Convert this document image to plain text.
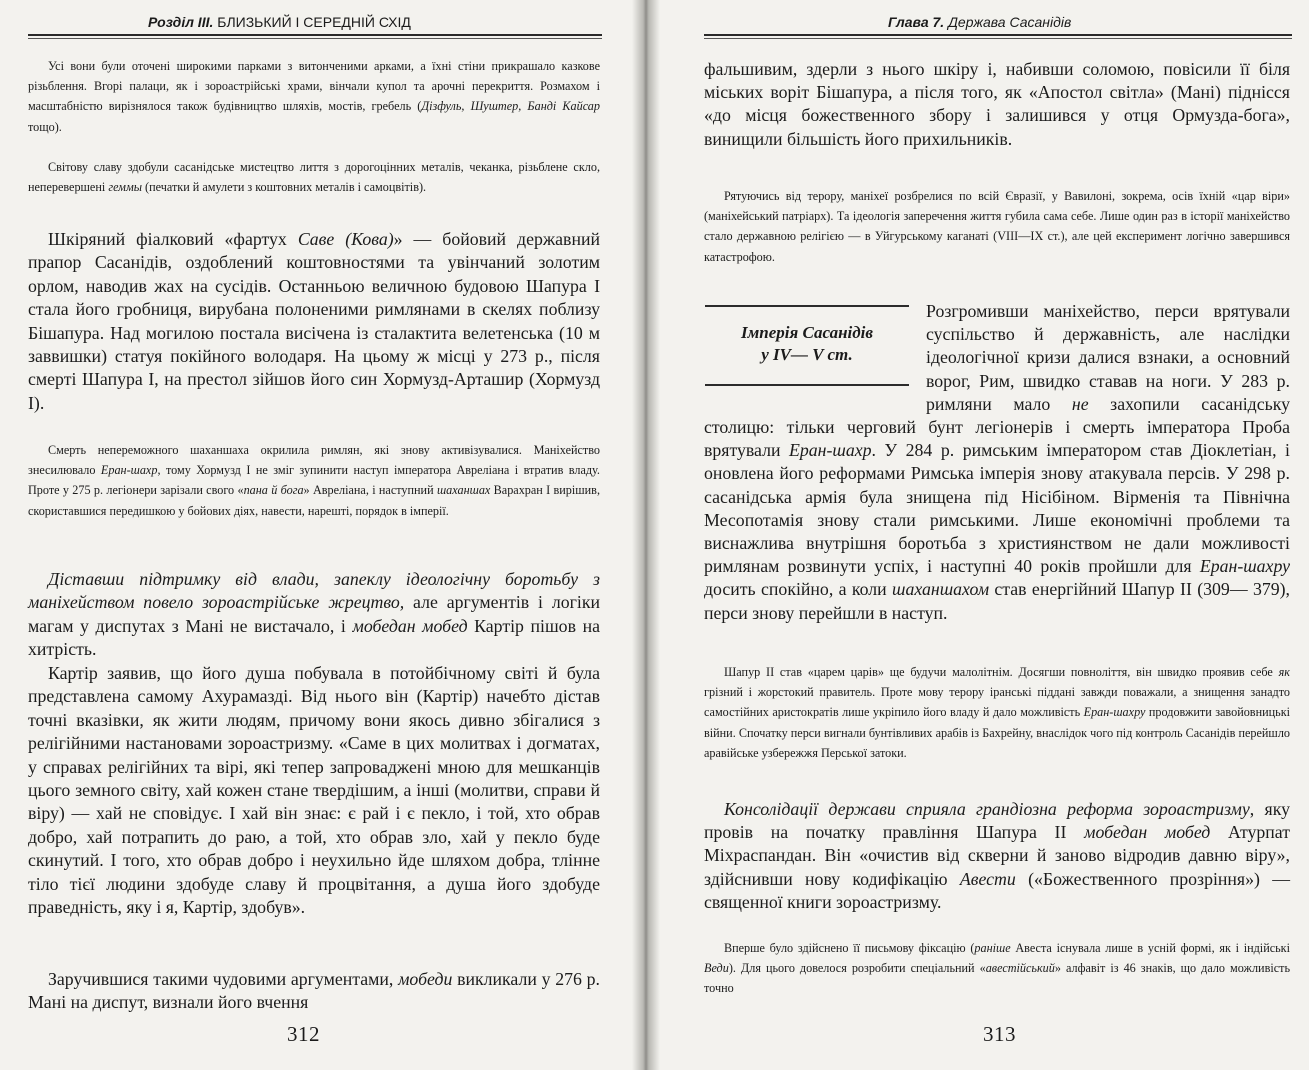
Розділ ІІІ. БЛИЗЬКИЙ І СЕРЕДНІЙ СХІД
Усі вони були оточені широкими парками з витонченими арками, а їхні стіни прикрашало казкове різьблення. Вгорі палаци, як і зороастрійські храми, вінчали купол та арочні перекриття. Розмахом і масштабністю вирізнялося також будівництво шляхів, мостів, гребель (Дізфуль, Шуштер, Банді Кайсар тощо).
Світову славу здобули сасанідське мистецтво лиття з дорогоцінних металів, чеканка, різьблене скло, неперевершені геммы (печатки й амулети з коштовних металів і самоцвітів).
Шкіряний фіалковий «фартух Саве (Кова)» — бойовий державний прапор Сасанідів, оздоблений коштовностями та увінчаний золотим орлом, наводив жах на сусідів. Останньою величною будовою Шапура І стала його гробниця, вирубана полоненими римлянами в скелях поблизу Бішапура. Над могилою постала висічена із сталактита велетенська (10 м заввишки) статуя покійного володаря. На цьому ж місці у 273 р., після смерті Шапура І, на престол зійшов його син Хормузд-Арташир (Хормузд І).
Смерть непереможного шаханшаха окрилила римлян, які знову активізувалися. Маніхейство знесилювало Еран-шахр, тому Хормузд І не зміг зупинити наступ імператора Авреліана і втратив владу. Проте у 275 р. легіонери зарізали свого «пана й бога» Авреліана, і наступний шаханшах Варахран І вирішив, скориставшися передишкою у бойових діях, навести, нарешті, порядок в імперії.
Діставши підтримку від влади, запеклу ідеологічну боротьбу з маніхейством повело зороастрійське жрецтво, але аргументів і логіки магам у диспутах з Мані не вистачало, і мобедан мобед Картір пішов на хитрість.
Картір заявив, що його душа побувала в потойбічному світі й була представлена самому Ахурамазді. Від нього він (Картір) начебто дістав точні вказівки, як жити людям, причому вони якось дивно збігалися з релігійними настановами зороастризму. «Саме в цих молитвах і догматах, у справах релігійних та вірі, які тепер запроваджені мною для мешканців цього земного світу, хай кожен стане твердішим, а інші (молитви, справи й віру) — хай не сповідує. І хай він знає: є рай і є пекло, і той, хто обрав добро, хай потрапить до раю, а той, хто обрав зло, хай у пекло буде скинутий. І того, хто обрав добро і неухильно йде шляхом добра, тлінне тіло тієї людини здобуде славу й процвітання, а душа його здобуде праведність, яку і я, Картір, здобув».
Заручившися такими чудовими аргументами, мобеди викликали у 276 р. Мані на диспут, визнали його вчення
312
Глава 7. Держава Сасанідів
фальшивим, здерли з нього шкіру і, набивши соломою, повісили її біля міських воріт Бішапура, а після того, як «Апостол світла» (Мані) піднісся «до місця божественного збору і залишився у отця Ормузда-бога», винищили більшість його прихильників.
Рятуючись від терору, маніхеї розбрелися по всій Євразії, у Вавилоні, зокрема, осів їхній «цар віри» (маніхейський патріарх). Та ідеологія заперечення життя губила сама себе. Лише один раз в історії маніхейство стало державною релігією — в Уйгурському каганаті (VIII—IX ст.), але цей експеримент логічно завершився катастрофою.
Імперія Сасанідів
у IV— V ст.
Розгромивши маніхейство, перси врятували суспільство й державність, але наслідки ідеологічної кризи далися взнаки, а основний ворог, Рим, швидко ставав на ноги. У 283 р. римляни мало не захопили сасанідську столицю: тільки черговий бунт легіонерів і смерть імператора Проба врятували Еран-шахр. У 284 р. римським імператором став Діоклетіан, і оновлена його реформами Римська імперія знову атакувала персів. У 298 р. сасанідська армія була знищена під Нісібіном. Вірменія та Північна Месопотамія знову стали римськими. Лише економічні проблеми та виснажлива внутрішня боротьба з християнством не дали можливості римлянам розвинути успіх, і наступні 40 років пройшли для Еран-шахру досить спокійно, а коли шаханшахом став енергійний Шапур ІІ (309— 379), перси знову перейшли в наступ.
Шапур ІІ став «царем царів» ще будучи малолітнім. Досягши повноліття, він швидко проявив себе як грізний і жорстокий правитель. Проте мову терору іранські піддані завжди поважали, а знищення занадто самостійних аристократів лише укріпило його владу й дало можливість Еран-шахру продовжити завойовницькі війни. Спочатку перси вигнали бунтівливих арабів із Бахрейну, внаслідок чого під контроль Сасанідів перейшло аравійське узбережжя Перської затоки.
Консолідації держави сприяла грандіозна реформа зороастризму, яку провів на початку правління Шапура ІІ мобедан мобед Атурпат Міхраспандан. Він «очистив від скверни й заново відродив давню віру», здійснивши нову кодифікацію Авести («Божественного прозріння») — священної книги зороастризму.
Вперше було здійснено її письмову фіксацію (раніше Авеста існувала лише в усній формі, як і індійські Веди). Для цього довелося розробити спеціальний «авестійський» алфавіт із 46 знаків, що дало можливість точно
313
